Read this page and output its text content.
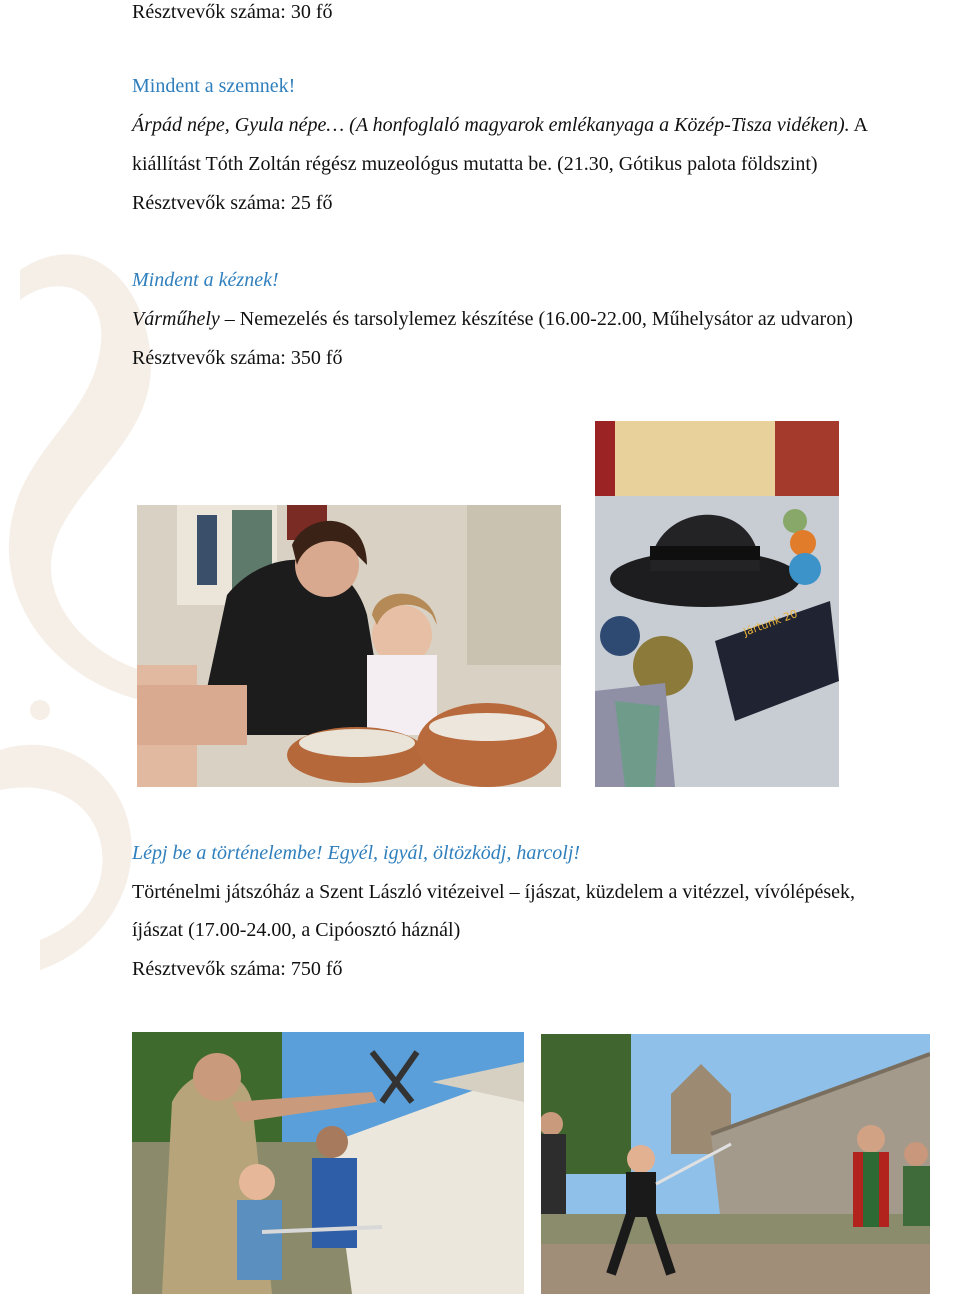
Résztvevők száma: 30 fő
Mindent a szemnek!
Árpád népe, Gyula népe… (A honfoglaló magyarok emlékanyaga a Közép-Tisza vidéken). A
kiállítást Tóth Zoltán régész muzeológus mutatta be. (21.30, Gótikus palota földszint)
Résztvevők száma: 25 fő
Mindent a kéznek!
Várműhely – Nemezelés és tarsolylemez készítése (16.00-22.00, Műhelysátor az udvaron)
Résztvevők száma: 350 fő
Jártunk 20
Lépj be a történelembe! Egyél, igyál, öltözködj, harcolj!
Történelmi játszóház a Szent László vitézeivel – íjászat, küzdelem a vitézzel, vívólépések,
íjászat (17.00-24.00, a Cipóosztó háznál)
Résztvevők száma: 750 fő
